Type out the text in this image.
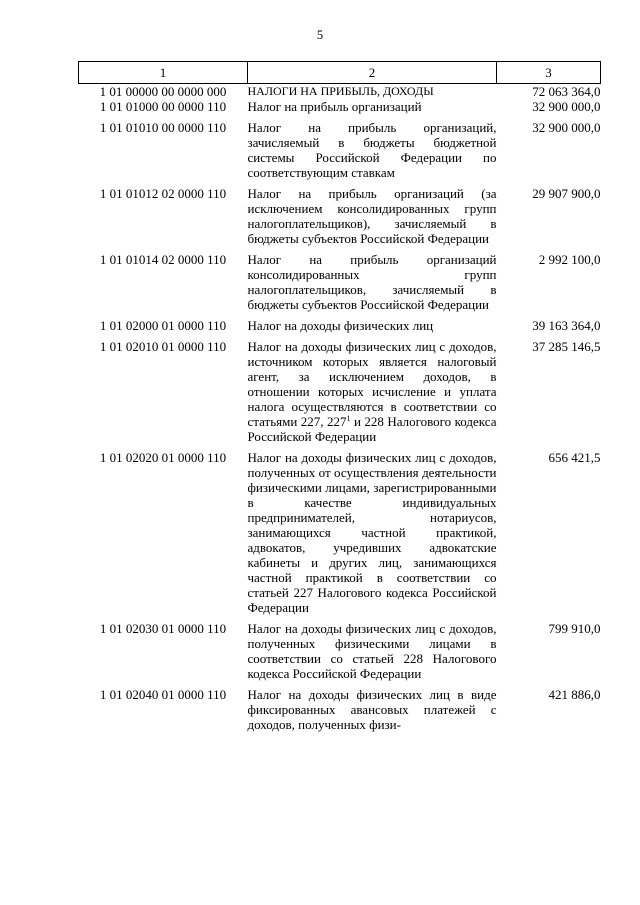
5
1	2	3
1 01 00000 00 0000 000	НАЛОГИ НА ПРИБЫЛЬ, ДОХОДЫ	72 063 364,0
1 01 01000 00 0000 110	Налог на прибыль организаций	32 900 000,0
1 01 01010 00 0000 110	Налог на прибыль организаций, зачисляемый в бюджеты бюджетной системы Российской Федерации по соответствующим ставкам	32 900 000,0
1 01 01012 02 0000 110	Налог на прибыль организаций (за исключением консолидированных групп налогоплательщиков), зачисляемый в бюджеты субъектов Российской Федерации	29 907 900,0
1 01 01014 02 0000 110	Налог на прибыль организаций консолидированных групп налогоплательщиков, зачисляемый в бюджеты субъектов Российской Федерации	2 992 100,0
1 01 02000 01 0000 110	Налог на доходы физических лиц	39 163 364,0
1 01 02010 01 0000 110	Налог на доходы физических лиц с доходов, источником которых является налоговый агент, за исключением доходов, в отношении которых исчисление и уплата налога осуществляются в соответствии со статьями 227, $227^1$ и 228 Налогового кодекса Российской Федерации	37 285 146,5
1 01 02020 01 0000 110	Налог на доходы физических лиц с доходов, полученных от осуществления деятельности физическими лицами, зарегистрированными в качестве индивидуальных предпринимателей, нотариусов, занимающихся частной практикой, адвокатов, учредивших адвокатские кабинеты и других лиц, занимающихся частной практикой в соответствии со статьей 227 Налогового кодекса Российской Федерации	656 421,5
1 01 02030 01 0000 110	Налог на доходы физических лиц с доходов, полученных физическими лицами в соответствии со статьей 228 Налогового кодекса Российской Федерации	799 910,0
1 01 02040 01 0000 110	Налог на доходы физических лиц в виде фиксированных авансовых платежей с доходов, полученных физи-	421 886,0
